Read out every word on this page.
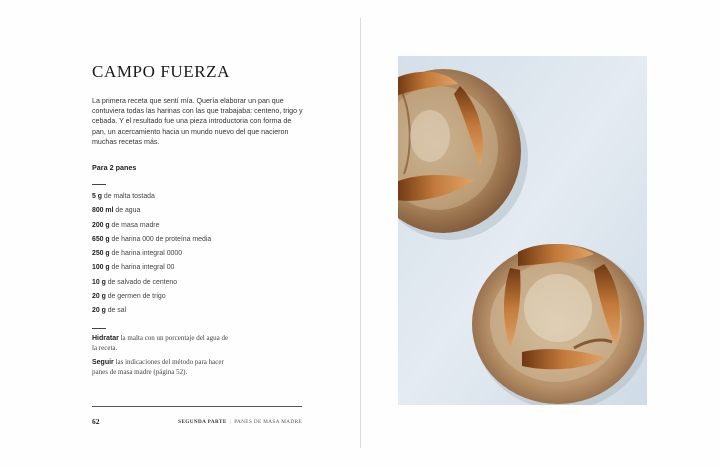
CAMPO FUERZA

La primera receta que sentí mía. Quería elaborar un pan que contuviera todas las harinas con las que trabajaba: centeno, trigo y cebada. Y el resultado fue una pieza introductoria con forma de pan, un acercamiento hacia un mundo nuevo del que nacieron muchas recetas más.

Para 2 panes

5 g de malta tostada
800 ml de agua
200 g de masa madre
650 g de harina 000 de proteína media
250 g de harina integral 0000
100 g de harina integral 00
10 g de salvado de centeno
20 g de germen de trigo
20 g de sal

Hidratar la malta con un porcentaje del agua de la receta.

Seguir las indicaciones del método para hacer panes de masa madre (página 52).

62	SEGUNDA PARTE | PANES DE MASA MADRE
